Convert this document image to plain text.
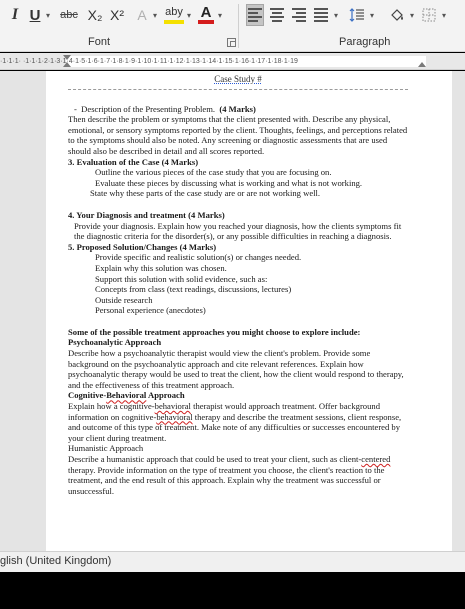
I U ▾ abc X₂ X² A ▾ aby ▾ A ▾	▾	▾	▾	▾
Font	Paragraph
·1·1·1· ·1·1·1·2·1·3·1·4·1·5·1·6·1·7·1·8·1·9·1·10·1·11·1·12·1·13·1·14·1·15·1·16·1·17·1·18·1·19
Case Study #

-  Description of the Presenting Problem. (4 Marks)

Then describe the problem or symptoms that the client presented with. Describe any physical, emotional, or sensory symptoms reported by the client. Thoughts, feelings, and perceptions related to the symptoms should also be noted. Any screening or diagnostic assessments that are used should also be described in detail and all scores reported.

3. Evaluation of the Case (4 Marks)

Outline the various pieces of the case study that you are focusing on.

Evaluate these pieces by discussing what is working and what is not working.

State why these parts of the case study are or are not working well.

4. Your Diagnosis and treatment (4 Marks)

Provide your diagnosis. Explain how you reached your diagnosis, how the clients symptoms fit the diagnostic criteria for the disorder(s), or any possible difficulties in reaching a diagnosis.

5. Proposed Solution/Changes (4 Marks)

Provide specific and realistic solution(s) or changes needed.

Explain why this solution was chosen.

Support this solution with solid evidence, such as:

Concepts from class (text readings, discussions, lectures)

Outside research

Personal experience (anecdotes)

Some of the possible treatment approaches you might choose to explore include:

Psychoanalytic Approach

Describe how a psychoanalytic therapist would view the client's problem. Provide some background on the psychoanalytic approach and cite relevant references. Explain how psychoanalytic therapy would be used to treat the client, how the client would respond to therapy, and the effectiveness of this treatment approach.

Cognitive-Behavioral Approach

Explain how a cognitive-behavioral therapist would approach treatment. Offer background information on cognitive-behavioral therapy and describe the treatment sessions, client response, and outcome of this type of treatment. Make note of any difficulties or successes encountered by your client during treatment.

Humanistic Approach

Describe a humanistic approach that could be used to treat your client, such as client-centered therapy. Provide information on the type of treatment you choose, the client's reaction to the treatment, and the end result of this approach. Explain why the treatment was successful or unsuccessful.

glish (United Kingdom)
